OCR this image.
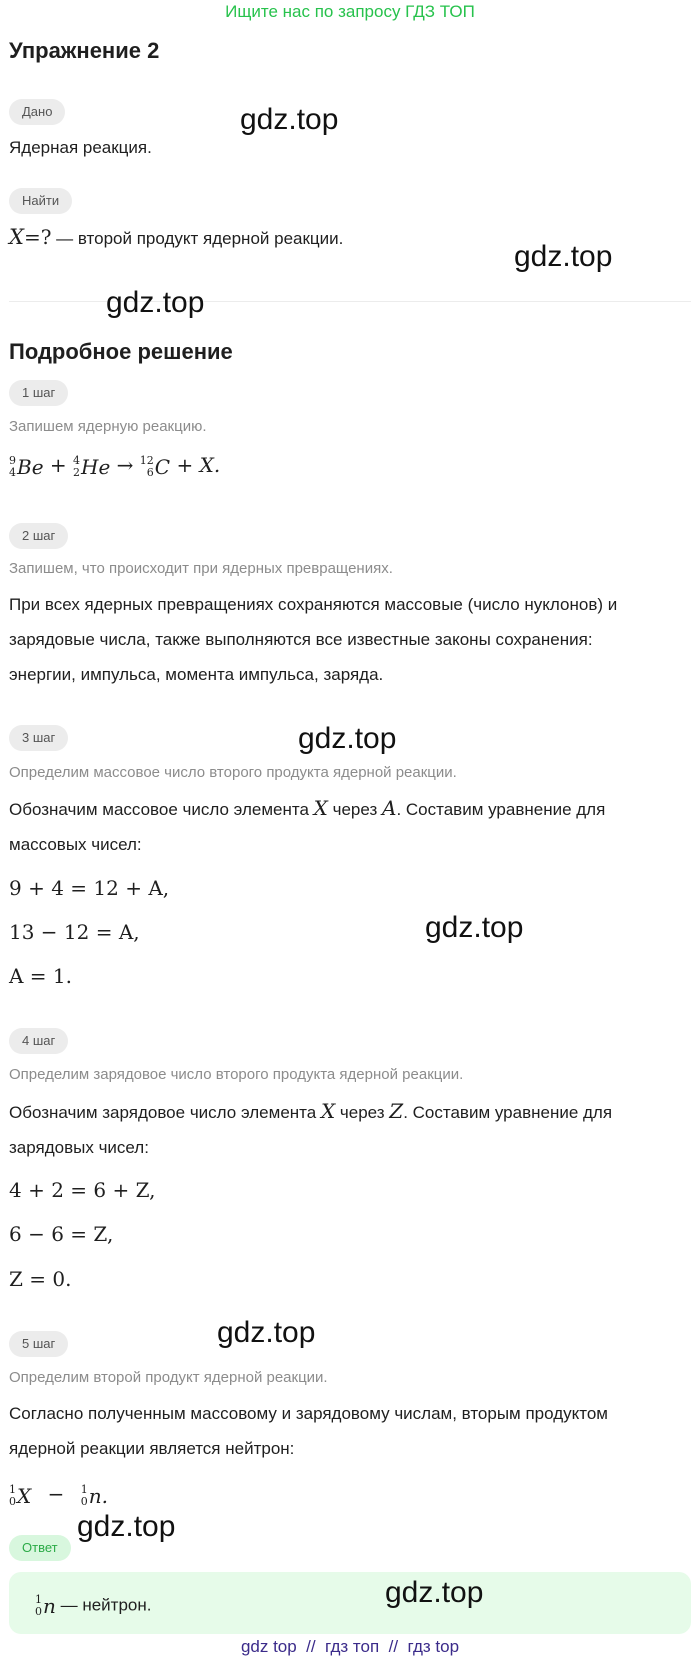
Ищите нас по запросу ГДЗ ТОП
Упражнение 2
Дано
Ядерная реакция.
Найти
X=? — второй продукт ядерной реакции.
Подробное решение
1 шаг
Запишем ядерную реакцию.
9
4 Be + 4
2 He → 12
6 C + X.
2 шаг
Запишем, что происходит при ядерных превращениях.
При всех ядерных превращениях сохраняются массовые (число нуклонов) и
зарядовые числа, также выполняются все известные законы сохранения:
энергии, импульса, момента импульса, заряда.
3 шаг
Определим массовое число второго продукта ядерной реакции.
Обозначим массовое число элемента X через A. Составим уравнение для
массовых чисел:
9 + 4 = 12 + A,
13 − 12 = A,
A = 1.
4 шаг
Определим зарядовое число второго продукта ядерной реакции.
Обозначим зарядовое число элемента X через Z. Составим уравнение для
зарядовых чисел:
4 + 2 = 6 + Z,
6 − 6 = Z,
Z = 0.
5 шаг
Определим второй продукт ядерной реакции.
Согласно полученным массовому и зарядовому числам, вторым продуктом
ядерной реакции является нейтрон:
1
0 X − 1
0 n.
Ответ
1
0 n — нейтрон.
gdz.top
gdz.top
gdz.top
gdz.top
gdz.top
gdz.top
gdz.top
gdz.top
gdz top  //  гдз топ  //  гдз top
